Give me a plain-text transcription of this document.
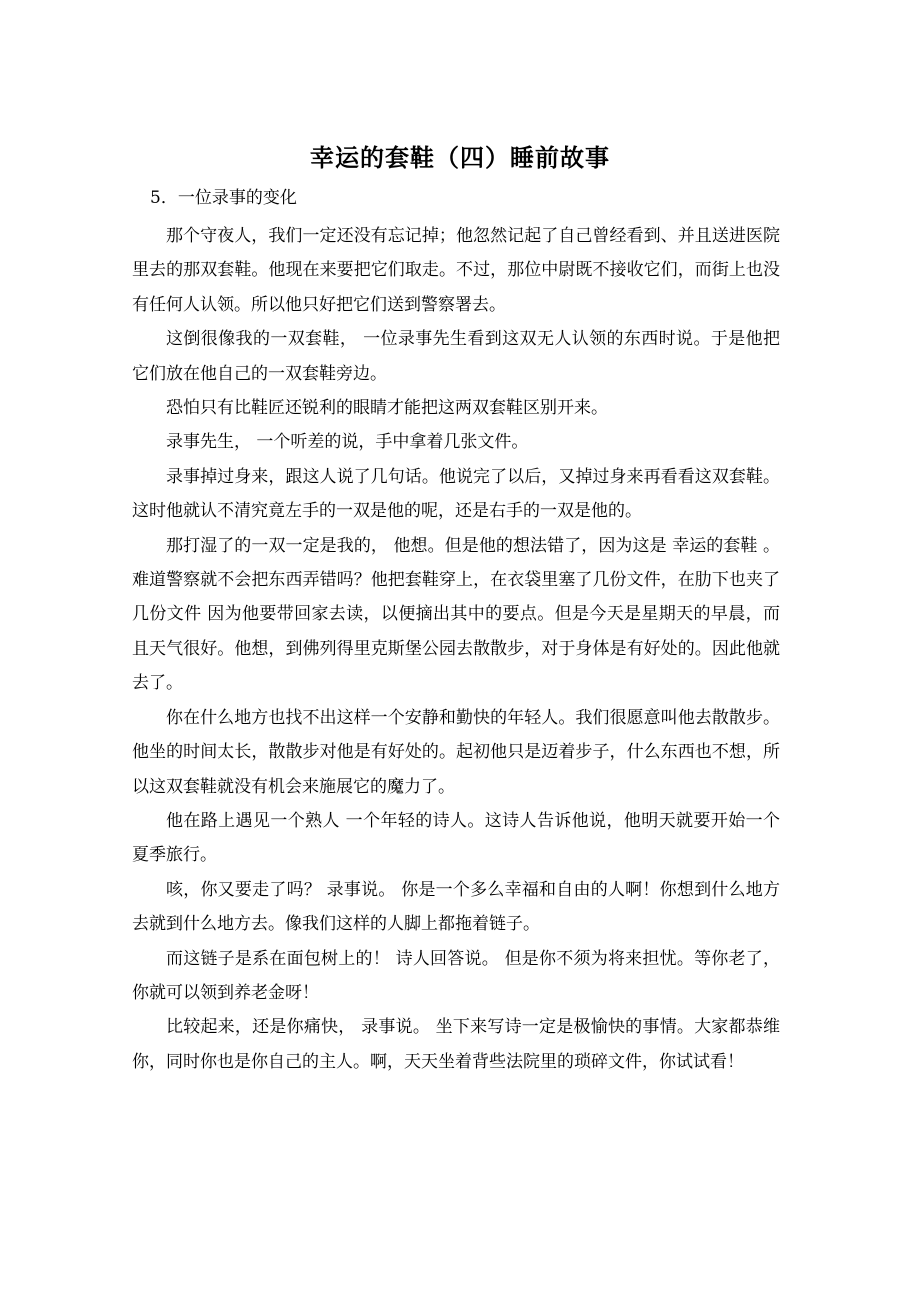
幸运的套鞋（四）睡前故事
5．一位录事的变化

那个守夜人，我们一定还没有忘记掉；他忽然记起了自己曾经看到、并且送进医院里去的那双套鞋。他现在来要把它们取走。不过，那位中尉既不接收它们，而街上也没有任何人认领。所以他只好把它们送到警察署去。

这倒很像我的一双套鞋， 一位录事先生看到这双无人认领的东西时说。于是他把它们放在他自己的一双套鞋旁边。

恐怕只有比鞋匠还锐利的眼睛才能把这两双套鞋区别开来。

录事先生， 一个听差的说，手中拿着几张文件。

录事掉过身来，跟这人说了几句话。他说完了以后，又掉过身来再看看这双套鞋。这时他就认不清究竟左手的一双是他的呢，还是右手的一双是他的。

那打湿了的一双一定是我的， 他想。但是他的想法错了，因为这是 幸运的套鞋 。难道警察就不会把东西弄错吗？他把套鞋穿上，在衣袋里塞了几份文件，在肋下也夹了几份文件 因为他要带回家去读，以便摘出其中的要点。但是今天是星期天的早晨，而且天气很好。他想，到佛列得里克斯堡公园去散散步，对于身体是有好处的。因此他就去了。

你在什么地方也找不出这样一个安静和勤快的年轻人。我们很愿意叫他去散散步。他坐的时间太长，散散步对他是有好处的。起初他只是迈着步子，什么东西也不想，所以这双套鞋就没有机会来施展它的魔力了。

他在路上遇见一个熟人 一个年轻的诗人。这诗人告诉他说，他明天就要开始一个夏季旅行。

咳，你又要走了吗？ 录事说。 你是一个多么幸福和自由的人啊！你想到什么地方去就到什么地方去。像我们这样的人脚上都拖着链子。

而这链子是系在面包树上的！ 诗人回答说。 但是你不须为将来担忧。等你老了，你就可以领到养老金呀！

比较起来，还是你痛快， 录事说。 坐下来写诗一定是极愉快的事情。大家都恭维你，同时你也是你自己的主人。啊，天天坐着背些法院里的琐碎文件，你试试看！
